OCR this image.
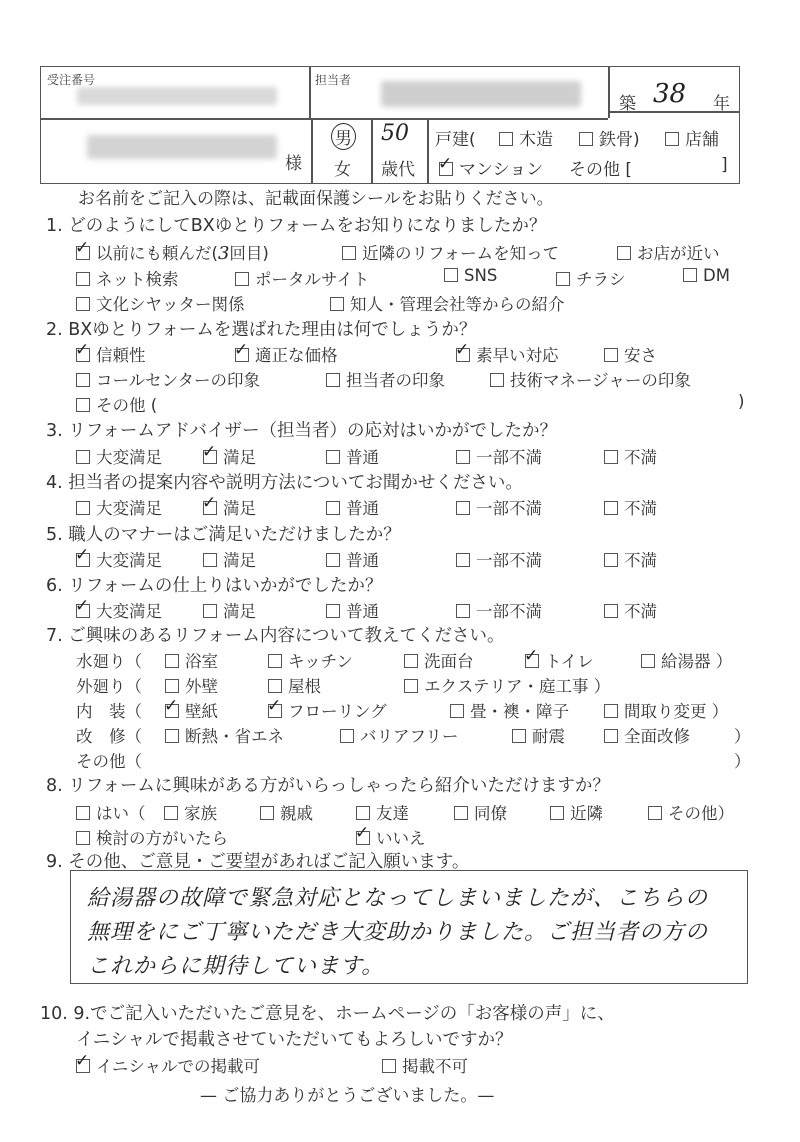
受注番号	担当者
築 38 年
様
男
女
50
歳代
戸建(	木造	鉄骨)	店舗
✓ マンション その他 [	]
お名前をご記入の際は、記載面保護シールをお貼りください。
1. どのようにしてBXゆとりフォームをお知りになりましたか？
✓ 以前にも頼んだ(3回目)	近隣のリフォームを知って	お店が近い
ネット検索	ポータルサイト	SNS	チラシ	DM
文化シヤッター関係	知人・管理会社等からの紹介
2. BXゆとりフォームを選ばれた理由は何でしょうか？
✓ 信頼性	✓ 適正な価格	✓ 素早い対応	安さ
コールセンターの印象	担当者の印象	技術マネージャーの印象
その他 (	)
3. リフォームアドバイザー（担当者）の応対はいかがでしたか？
大変満足 ✓ 満足	普通	一部不満	不満
4. 担当者の提案内容や説明方法についてお聞かせください。
大変満足 ✓ 満足	普通	一部不満	不満
5. 職人のマナーはご満足いただけましたか？
✓ 大変満足	満足	普通	一部不満	不満
6. リフォームの仕上りはいかがでしたか？
✓ 大変満足	満足	普通	一部不満	不満
7. ご興味のあるリフォーム内容について教えてください。
水廻り（	浴室	キッチン	洗面台	✓ トイレ	給湯器 ）
外廻り（	外壁	屋根	エクステリア・庭工事 ）
内　装（ ✓ 壁紙	✓ フローリング	畳・襖・障子	間取り変更 ）
改　修（	断熱・省エネ	バリアフリー	耐震	全面改修	）
その他（	）
8. リフォームに興味がある方がいらっしゃったら紹介いただけますか？
はい（	家族	親戚	友達	同僚	近隣	その他）
検討の方がいたら	✓ いいえ
9. その他、ご意見・ご要望があればご記入願います。
給湯器の故障で緊急対応となってしまいましたが、こちらの
無理をにご丁寧いただき大変助かりました。ご担当者の方の
これからに期待しています。
10. 9.でご記入いただいたご意見を、ホームページの「お客様の声」に、
イニシャルで掲載させていただいてもよろしいですか？
✓ イニシャルでの掲載可	掲載不可
— ご協力ありがとうございました。—
